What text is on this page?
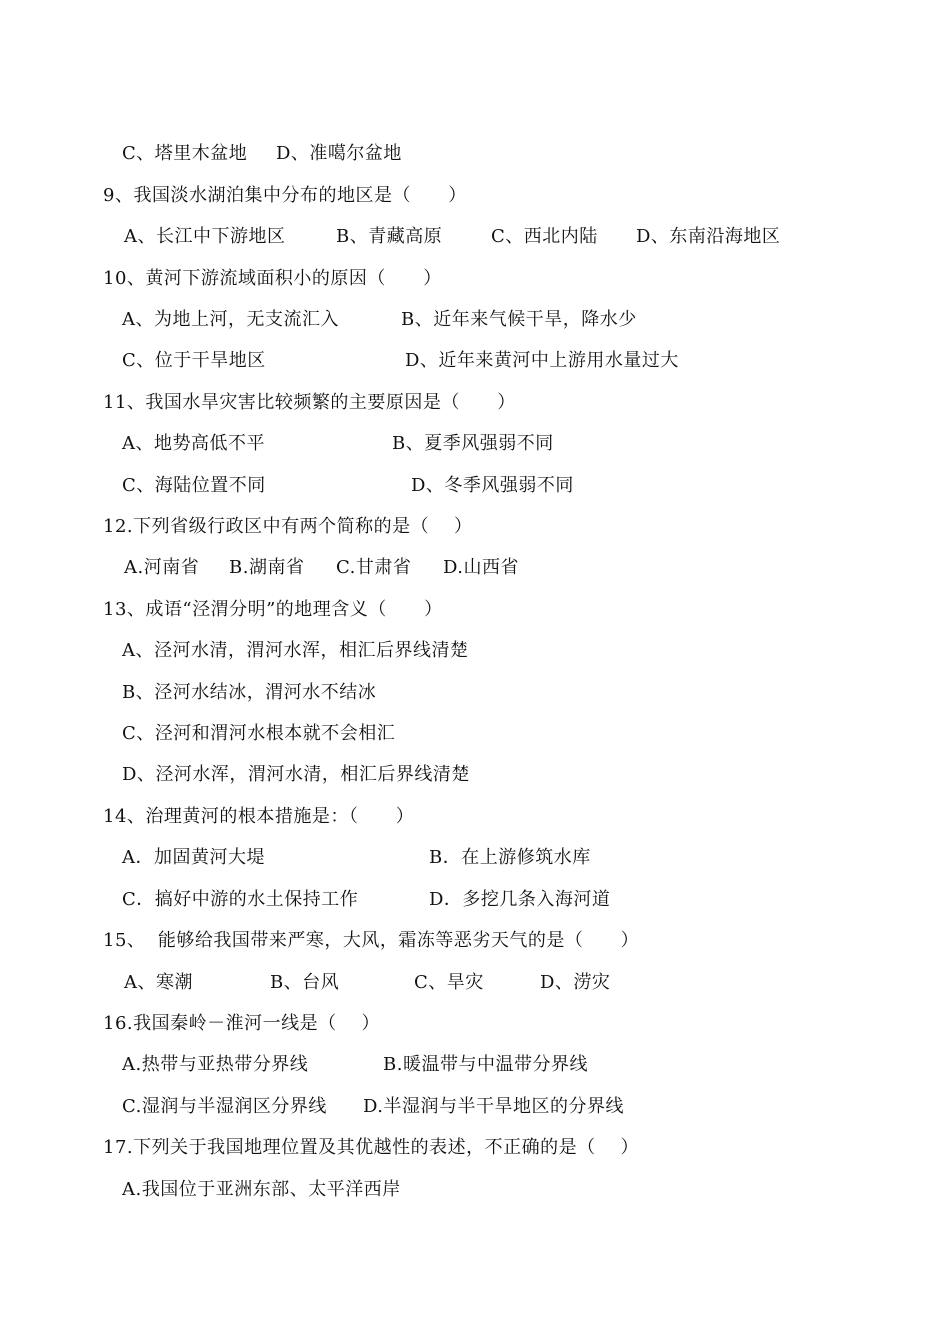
C、塔里木盆地 D、准噶尔盆地
9、我国淡水湖泊集中分布的地区是（      ）
A、长江中下游地区	B、青藏高原	C、西北内陆 D、东南沿海地区
10、黄河下游流域面积小的原因（      ）
A、为地上河，无支流汇入	B、近年来气候干旱，降水少
C、位于干旱地区	D、近年来黄河中上游用水量过大
11、我国水旱灾害比较频繁的主要原因是（      ）
A、地势高低不平	B、夏季风强弱不同
C、海陆位置不同	D、冬季风强弱不同
12.下列省级行政区中有两个简称的是（    ）
A.河南省 B.湖南省 C.甘肃省 D.山西省
13、成语“泾渭分明”的地理含义（      ）
A、泾河水清，渭河水浑，相汇后界线清楚
B、泾河水结冰，渭河水不结冰
C、泾河和渭河水根本就不会相汇
D、泾河水浑，渭河水清，相汇后界线清楚
14、治理黄河的根本措施是：（      ）
A．加固黄河大堤	B．在上游修筑水库
C．搞好中游的水土保持工作	D．多挖几条入海河道
15、  能够给我国带来严寒，大风，霜冻等恶劣天气的是（      ）
A、寒潮	B、台风	C、旱灾	D、涝灾
16.我国秦岭－淮河一线是（    ）
A.热带与亚热带分界线	B.暖温带与中温带分界线
C.湿润与半湿润区分界线 D.半湿润与半干旱地区的分界线
17.下列关于我国地理位置及其优越性的表述，不正确的是（    ）
A.我国位于亚洲东部、太平洋西岸
